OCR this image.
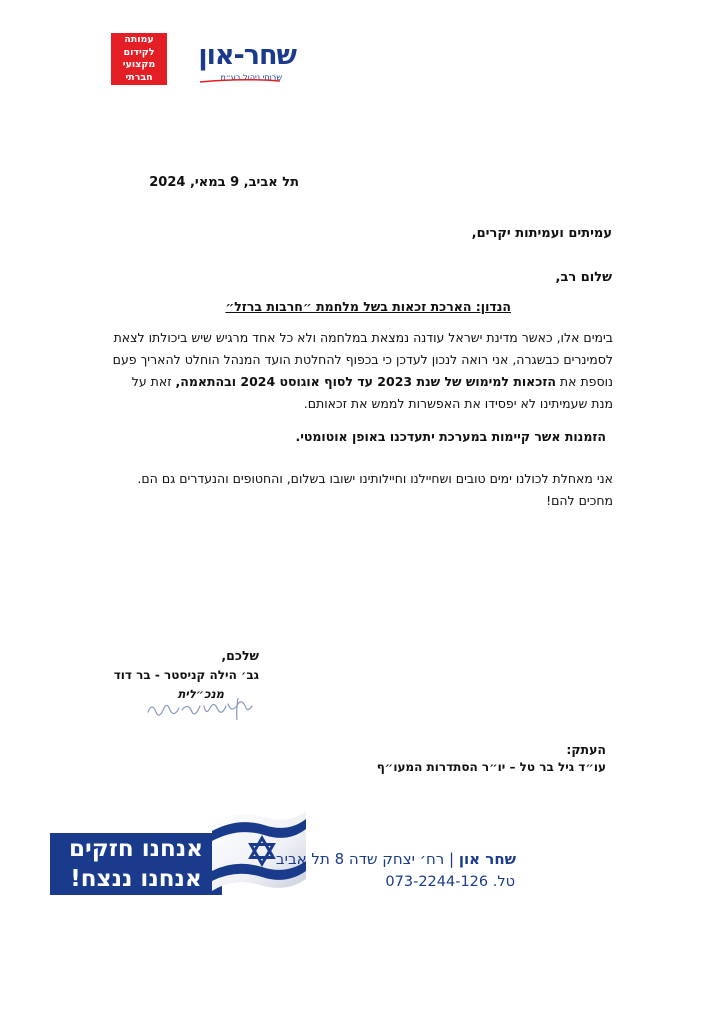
עמותה
לקידום
מקצועי
חברתי
שחר-און
שרותי ניהול בע״מ
תל אביב, 9 במאי, 2024
עמיתים ועמיתות יקרים,
שלום רב,
הנדון: הארכת זכאות בשל מלחמת ״חרבות ברזל״
בימים אלו, כאשר מדינת ישראל עודנה נמצאת במלחמה ולא כל אחד מרגיש שיש ביכולתו לצאת לסמינרים כבשגרה, אני רואה לנכון לעדכן כי בכפוף להחלטת הועד המנהל הוחלט להאריך פעם נוספת את הזכאות למימוש של שנת 2023 עד לסוף אוגוסט 2024 ובהתאמה, זאת על מנת שעמיתינו לא יפסידו את האפשרות לממש את זכאותם.
הזמנות אשר קיימות במערכת יתעדכנו באופן אוטומטי.
אני מאחלת לכולנו ימים טובים ושחיילנו וחיילותינו ישובו בשלום, והחטופים והנעדרים גם הם. מחכים להם!
שלכם,
גב׳ הילה קניסטר - בר דוד
מנכ״לית
העתק:
עו״ד גיל בר טל – יו״ר הסתדרות המעו״ף
אנחנו חזקים
אנחנו ננצח!
שחר און | רח׳ יצחק שדה 8 תל אביב
טל. 073-2244-126
